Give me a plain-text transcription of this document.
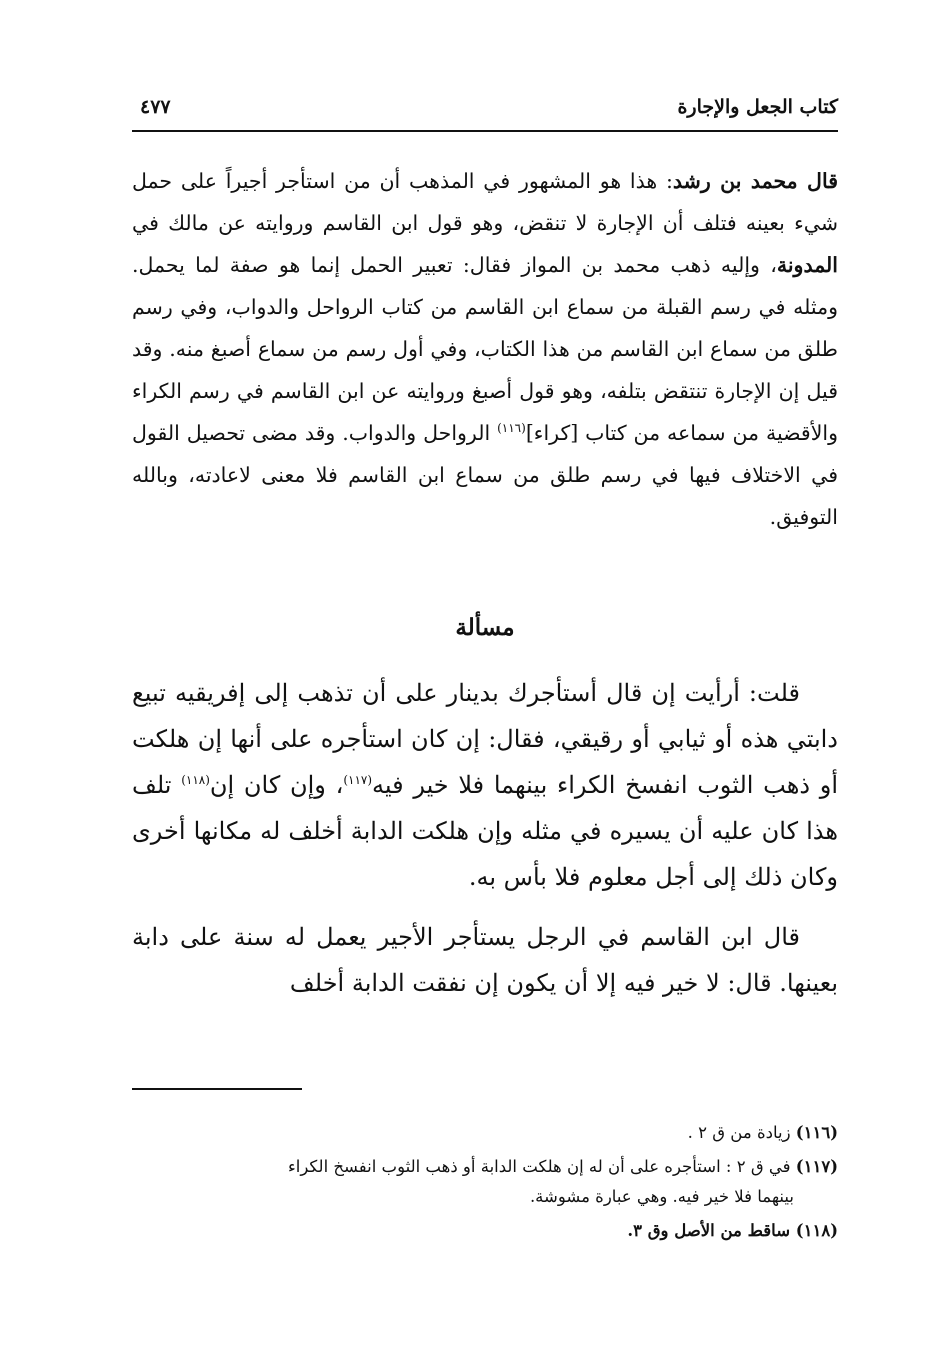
كتاب الجعل والإجارة
٤٧٧
قال محمد بن رشد: هذا هو المشهور في المذهب أن من استأجر أجيراً على حمل شيء بعينه فتلف أن الإجارة لا تنقض، وهو قول ابن القاسم وروايته عن مالك في المدونة، وإليه ذهب محمد بن المواز فقال: تعبير الحمل إنما هو صفة لما يحمل. ومثله في رسم القبلة من سماع ابن القاسم من كتاب الرواحل والدواب، وفي رسم طلق من سماع ابن القاسم من هذا الكتاب، وفي أول رسم من سماع أصبغ منه. وقد قيل إن الإجارة تنتقض بتلفه، وهو قول أصبغ وروايته عن ابن القاسم في رسم الكراء والأقضية من سماعه من كتاب [كراء]$^{(١١٦)}$ الرواحل والدواب. وقد مضى تحصيل القول في الاختلاف فيها في رسم طلق من سماع ابن القاسم فلا معنى لاعادته، وبالله التوفيق.
مسألة

قلت: أرأيت إن قال أستأجرك بدينار على أن تذهب إلى إفريقيه تبيع دابتي هذه أو ثيابي أو رقيقي، فقال: إن كان استأجره على أنها إن هلكت أو ذهب الثوب انفسخ الكراء بينهما فلا خير فيه$^{(١١٧)}$، وإن كان إن$^{(١١٨)}$ تلف هذا كان عليه أن يسيره في مثله وإن هلكت الدابة أخلف له مكانها أخرى وكان ذلك إلى أجل معلوم فلا بأس به.

قال ابن القاسم في الرجل يستأجر الأجير يعمل له سنة على دابة بعينها. قال: لا خير فيه إلا أن يكون إن نفقت الدابة أخلف

(١١٦) زيادة من ق ٢ .
(١١٧) في ق ٢ : استأجره على أن له إن هلكت الدابة أو ذهب الثوب انفسخ الكراء
بينهما فلا خير فيه. وهي عبارة مشوشة.
(١١٨) ساقط من الأصل وق ٣.
